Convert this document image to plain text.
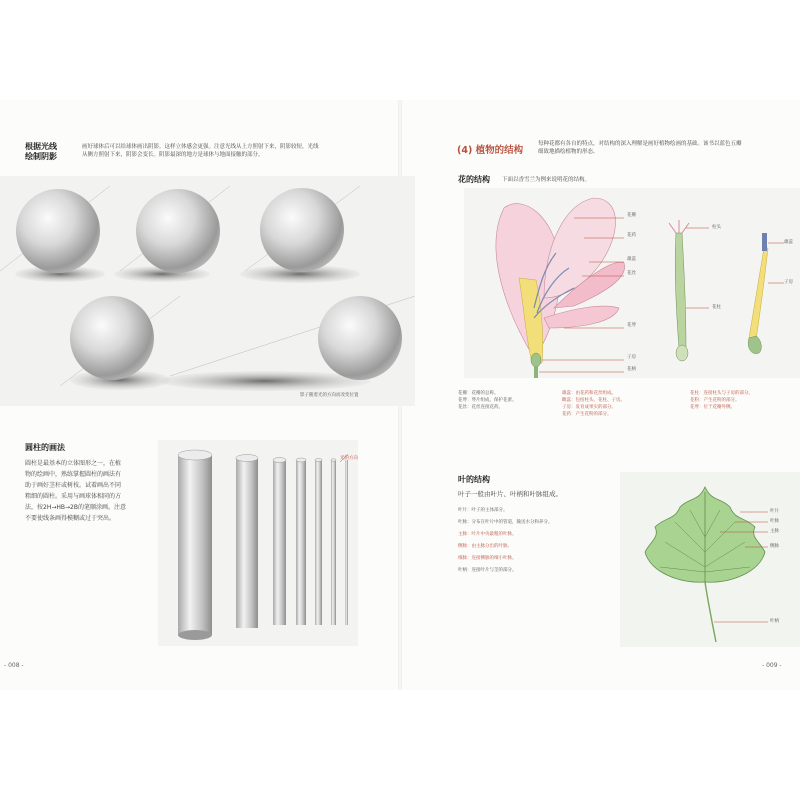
根据光线
绘制阴影
画好球体后可以给球体画出阴影。这样立体感会更强。注意光线从上方照射下来，阴影较短，光线
从侧方照射下来，阴影会变长。阴影最深的地方是球体与地面接触的部分。
影子随着光的方向而改变位置
圆柱的画法
圆柱是最基本的立体图形之一，在植
物的绘画中，熟练掌握圆柱的画法有
助于画好茎秆或树枝。试着画出不同
粗细的圆柱。采用与画球体相同的方
法，按2H→HB→2B的笔顺涂画。注意
不要使线条画得模糊或过于突出。
光的方向
- 008 -
(4) 植物的结构
每种花都有各自的特点，对结构的深入理解是画好植物绘画的基础。该书以蓝色五瓣
细致地描绘植物的形态。
花的结构 下面以香雪兰为例来说明花的结构。
花瓣
花药
雄蕊
花丝
花萼
子房
花柄
柱头
花柱
雄蕊
子房
花瓣：花瓣的总称。
花萼：萼片组成，保护花蕾。
花丝：花丝连接花药。
雄蕊：由花药和花丝组成。
雌蕊：包括柱头、花柱、子房。
子房：发育成果实的部分。
花药：产生花粉的部分。
花柱：连接柱头与子房的部分。
花粉：产生花粉的部分。
花萼：位于花瓣外侧。
叶的结构
叶子一般由叶片、叶柄和叶脉组成。
叶片：叶子的主体部分。
叶脉：分布在叶片中的管道，输送水分和养分。
主脉：叶片中央最粗的叶脉。
侧脉：由主脉分出的叶脉。
细脉：连接侧脉的细小叶脉。
叶柄：连接叶片与茎的部分。
叶片
叶脉
主脉
侧脉
叶柄
- 009 -
